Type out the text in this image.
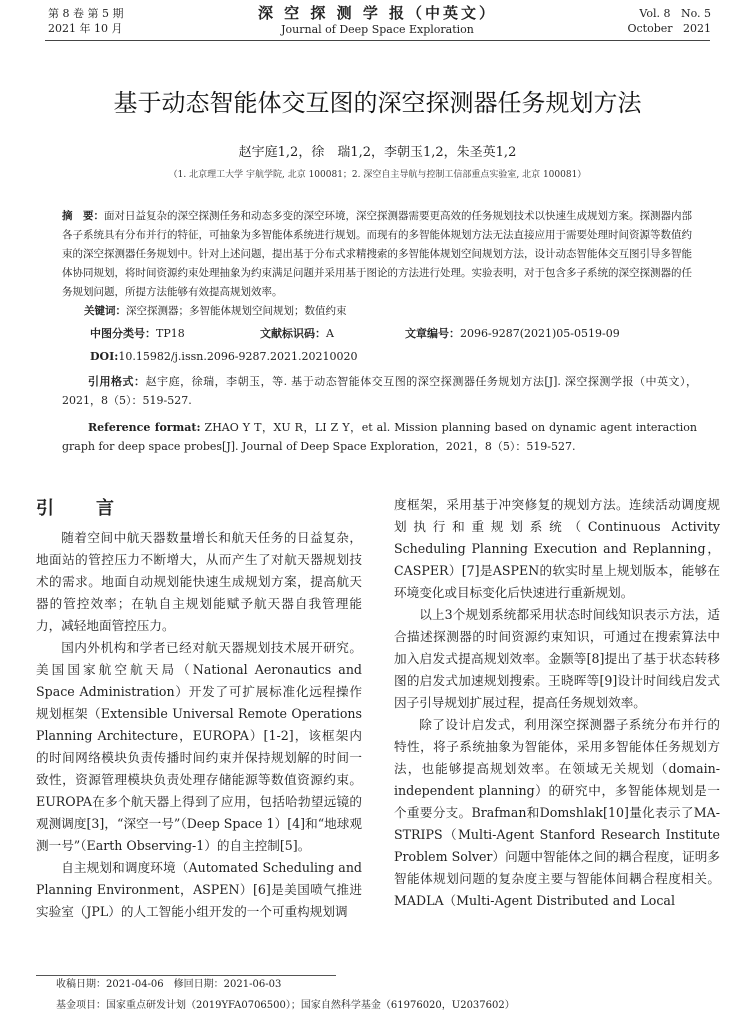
第 8 卷 第 5 期
2021 年 10 月
深 空 探 测 学 报（中英文）
Journal of Deep Space Exploration
Vol. 8   No. 5
October   2021
基于动态智能体交互图的深空探测器任务规划方法
赵宇庭1,2，徐　瑞1,2，李朝玉1,2，朱圣英1,2
（1. 北京理工大学 宇航学院, 北京 100081；2. 深空自主导航与控制工信部重点实验室, 北京 100081）
摘　要：面对日益复杂的深空探测任务和动态多变的深空环境，深空探测器需要更高效的任务规划技术以快速生成规划方案。探测器内部各子系统具有分布并行的特征，可抽象为多智能体系统进行规划。而现有的多智能体规划方法无法直接应用于需要处理时间资源等数值约束的深空探测器任务规划中。针对上述问题，提出基于分布式求精搜索的多智能体规划空间规划方法，设计动态智能体交互图引导多智能体协同规划，将时间资源约束处理抽象为约束满足问题并采用基于图论的方法进行处理。实验表明，对于包含多子系统的深空探测器的任务规划问题，所提方法能够有效提高规划效率。
关键词：深空探测器；多智能体规划空间规划；数值约束
中图分类号：TP18	文献标识码：A	文章编号：2096-9287(2021)05-0519-09
DOI:10.15982/j.issn.2096-9287.2021.20210020
引用格式：赵宇庭，徐瑞，李朝玉，等. 基于动态智能体交互图的深空探测器任务规划方法[J]. 深空探测学报（中英文），2021，8（5）：519-527.
Reference format: ZHAO Y T，XU R，LI Z Y，et al. Mission planning based on dynamic agent interaction graph for deep space probes[J]. Journal of Deep Space Exploration，2021，8（5）：519-527.
引　言

随着空间中航天器数量增长和航天任务的日益复杂，地面站的管控压力不断增大，从而产生了对航天器规划技术的需求。地面自动规划能快速生成规划方案，提高航天器的管控效率；在轨自主规划能赋予航天器自我管理能力，减轻地面管控压力。

国内外机构和学者已经对航天器规划技术展开研究。美国国家航空航天局（National Aeronautics and Space Administration）开发了可扩展标准化远程操作规划框架（Extensible Universal Remote Operations Planning Architecture，EUROPA）[1-2]，该框架内的时间网络模块负责传播时间约束并保持规划解的时间一致性，资源管理模块负责处理存储能源等数值资源约束。EUROPA在多个航天器上得到了应用，包括哈勃望远镜的观测调度[3]，“深空一号”（Deep Space 1）[4]和“地球观测一号”（Earth Observing-1）的自主控制[5]。

自主规划和调度环境（Automated Scheduling and Planning Environment，ASPEN）[6]是美国喷气推进实验室（JPL）的人工智能小组开发的一个可重构规划调

度框架，采用基于冲突修复的规划方法。连续活动调度规划执行和重规划系统（Continuous Activity Scheduling Planning Execution and Replanning，CASPER）[7]是ASPEN的软实时星上规划版本，能够在环境变化或目标变化后快速进行重新规划。

以上3个规划系统都采用状态时间线知识表示方法，适合描述探测器的时间资源约束知识，可通过在搜索算法中加入启发式提高规划效率。金颢等[8]提出了基于状态转移图的启发式加速规划搜索。王晓晖等[9]设计时间线启发式因子引导规划扩展过程，提高任务规划效率。

除了设计启发式，利用深空探测器子系统分布并行的特性，将子系统抽象为智能体，采用多智能体任务规划方法，也能够提高规划效率。在领域无关规划（domain-independent planning）的研究中，多智能体规划是一个重要分支。Brafman和Domshlak[10]量化表示了MA-STRIPS（Multi-Agent Stanford Research Institute Problem Solver）问题中智能体之间的耦合程度，证明多智能体规划问题的复杂度主要与智能体间耦合程度相关。MADLA（Multi-Agent Distributed and Local

收稿日期：2021-04-06　修回日期：2021-06-03
基金项目：国家重点研发计划（2019YFA0706500）；国家自然科学基金（61976020，U2037602）
